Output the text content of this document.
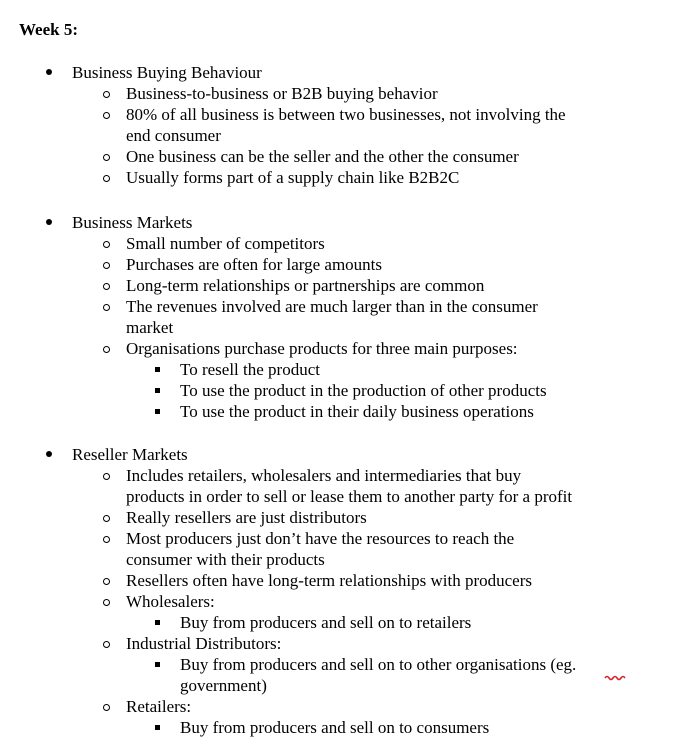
Week 5:
Business Buying Behaviour
Business-to-business or B2B buying behavior
80% of all business is between two businesses, not involving the
end consumer
One business can be the seller and the other the consumer
Usually forms part of a supply chain like B2B2C
Business Markets
Small number of competitors
Purchases are often for large amounts
Long-term relationships or partnerships are common
The revenues involved are much larger than in the consumer
market
Organisations purchase products for three main purposes:
To resell the product
To use the product in the production of other products
To use the product in their daily business operations
Reseller Markets
Includes retailers, wholesalers and intermediaries that buy
products in order to sell or lease them to another party for a profit
Really resellers are just distributors
Most producers just don’t have the resources to reach the
consumer with their products
Resellers often have long-term relationships with producers
Wholesalers:
Buy from producers and sell on to retailers
Industrial Distributors:
Buy from producers and sell on to other organisations (eg.
government)
Retailers:
Buy from producers and sell on to consumers
